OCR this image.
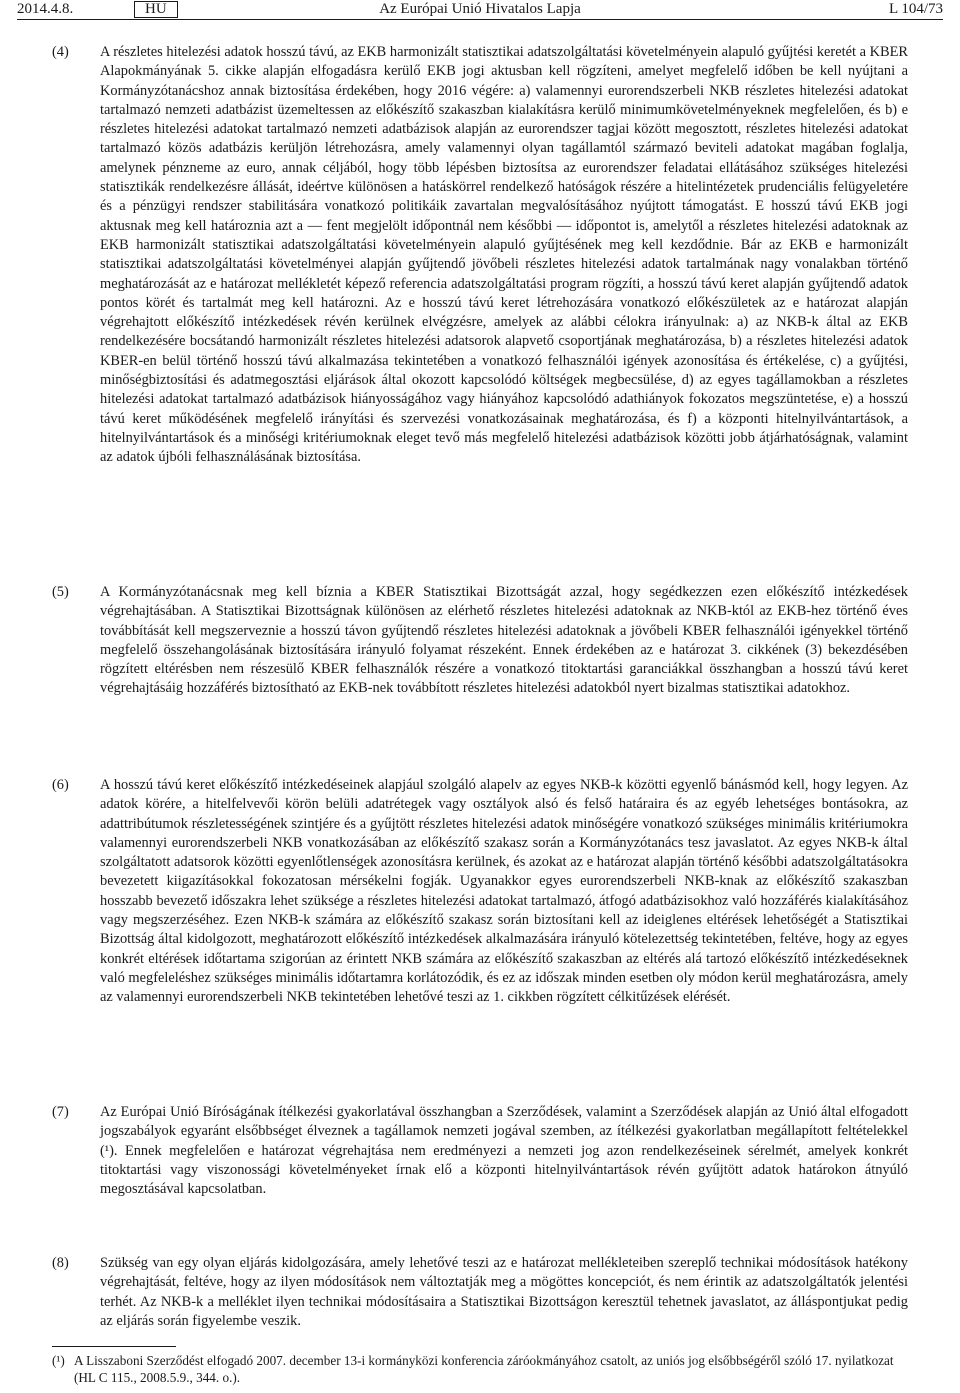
Az Európai Unió Hivatalos Lapja
2014.4.8.	HU	L 104/73
(4) A részletes hitelezési adatok hosszú távú, az EKB harmonizált statisztikai adatszolgáltatási követelményein alapuló gyűjtési keretét a KBER Alapokmányának 5. cikke alapján elfogadásra kerülő EKB jogi aktusban kell rögzíteni, amelyet megfelelő időben be kell nyújtani a Kormányzótanácshoz annak biztosítása érdekében, hogy 2016 végére: a) valamennyi eurorendszerbeli NKB részletes hitelezési adatokat tartalmazó nemzeti adatbázist üzemeltessen az előkészítő szakaszban kialakításra kerülő minimumkövetelményeknek megfelelően, és b) e részletes hitelezési adatokat tartalmazó nemzeti adatbázisok alapján az eurorendszer tagjai között megosztott, részletes hitelezési adatokat tartalmazó közös adatbázis kerüljön létrehozásra, amely valamennyi olyan tagállamtól származó beviteli adatokat magában foglalja, amelynek pénzneme az euro, annak céljából, hogy több lépésben biztosítsa az eurorendszer feladatai ellátásához szükséges hitelezési statisztikák rendelkezésre állását, ideértve különösen a hatáskörrel rendelkező hatóságok részére a hitelintézetek prudenciális felügyeletére és a pénzügyi rendszer stabilitására vonatkozó politikáik zavartalan megvalósításához nyújtott támogatást. E hosszú távú EKB jogi aktusnak meg kell határoznia azt a — fent megjelölt időpontnál nem későbbi — időpontot is, amelytől a részletes hitelezési adatoknak az EKB harmonizált statisztikai adatszolgáltatási követelményein alapuló gyűjtésének meg kell kezdődnie. Bár az EKB e harmonizált statisztikai adatszolgáltatási követelményei alapján gyűjtendő jövőbeli részletes hitelezési adatok tartalmának nagy vonalakban történő meghatározását az e határozat mellékletét képező referencia adatszolgáltatási program rögzíti, a hosszú távú keret alapján gyűjtendő adatok pontos körét és tartalmát meg kell határozni. Az e hosszú távú keret létrehozására vonatkozó előkészületek az e határozat alapján végrehajtott előkészítő intézkedések révén kerülnek elvégzésre, amelyek az alábbi célokra irányulnak: a) az NKB-k által az EKB rendelkezésére bocsátandó harmonizált részletes hitelezési adatsorok alapvető csoportjának meghatározása, b) a részletes hitelezési adatok KBER-en belül történő hosszú távú alkalmazása tekintetében a vonatkozó felhasználói igények azonosítása és értékelése, c) a gyűjtési, minőségbiztosítási és adatmegosztási eljárások által okozott kapcsolódó költségek megbecsülése, d) az egyes tagállamokban a részletes hitelezési adatokat tartalmazó adatbázisok hiányosságához vagy hiányához kapcsolódó adathiányok fokozatos megszüntetése, e) a hosszú távú keret működésének megfelelő irányítási és szervezési vonatkozásainak meghatározása, és f) a központi hitelnyilvántartások, a hitelnyilvántartások és a minőségi kritériumoknak eleget tevő más megfelelő hitelezési adatbázisok közötti jobb átjárhatóságnak, valamint az adatok újbóli felhasználásának biztosítása.
(5) A Kormányzótanácsnak meg kell bíznia a KBER Statisztikai Bizottságát azzal, hogy segédkezzen ezen előkészítő intézkedések végrehajtásában. A Statisztikai Bizottságnak különösen az elérhető részletes hitelezési adatoknak az NKB-któl az EKB-hez történő éves továbbítását kell megszerveznie a hosszú távon gyűjtendő részletes hitelezési adatoknak a jövőbeli KBER felhasználói igényekkel történő megfelelő összehangolásának biztosítására irányuló folyamat részeként. Ennek érdekében az e határozat 3. cikkének (3) bekezdésében rögzített eltérésben nem részesülő KBER felhasználók részére a vonatkozó titoktartási garanciákkal összhangban a hosszú távú keret végrehajtásáig hozzáférés biztosítható az EKB-nek továbbított részletes hitelezési adatokból nyert bizalmas statisztikai adatokhoz.
(6) A hosszú távú keret előkészítő intézkedéseinek alapjául szolgáló alapelv az egyes NKB-k közötti egyenlő bánásmód kell, hogy legyen. Az adatok körére, a hitelfelvevői körön belüli adatrétegek vagy osztályok alsó és felső határaira és az egyéb lehetséges bontásokra, az adattribútumok részletességének szintjére és a gyűjtött részletes hitelezési adatok minőségére vonatkozó szükséges minimális kritériumokra valamennyi eurorendszerbeli NKB vonatkozásában az előkészítő szakasz során a Kormányzótanács tesz javaslatot. Az egyes NKB-k által szolgáltatott adatsorok közötti egyenlőtlenségek azonosításra kerülnek, és azokat az e határozat alapján történő későbbi adatszolgáltatásokra bevezetett kiigazításokkal fokozatosan mérsékelni fogják. Ugyanakkor egyes eurorendszerbeli NKB-knak az előkészítő szakaszban hosszabb bevezető időszakra lehet szüksége a részletes hitelezési adatokat tartalmazó, átfogó adatbázisokhoz való hozzáférés kialakításához vagy megszerzéséhez. Ezen NKB-k számára az előkészítő szakasz során biztosítani kell az ideiglenes eltérések lehetőségét a Statisztikai Bizottság által kidolgozott, meghatározott előkészítő intézkedések alkalmazására irányuló kötelezettség tekintetében, feltéve, hogy az egyes konkrét eltérések időtartama szigorúan az érintett NKB számára az előkészítő szakaszban az eltérés alá tartozó előkészítő intézkedéseknek való megfeleléshez szükséges minimális időtartamra korlátozódik, és ez az időszak minden esetben oly módon kerül meghatározásra, amely az valamennyi eurorendszerbeli NKB tekintetében lehetővé teszi az 1. cikkben rögzített célkitűzések elérését.
(7) Az Európai Unió Bíróságának ítélkezési gyakorlatával összhangban a Szerződések, valamint a Szerződések alapján az Unió által elfogadott jogszabályok egyaránt elsőbbséget élveznek a tagállamok nemzeti jogával szemben, az ítélkezési gyakorlatban megállapított feltételekkel (¹). Ennek megfelelően e határozat végrehajtása nem eredményezi a nemzeti jog azon rendelkezéseinek sérelmét, amelyek konkrét titoktartási vagy viszonossági követelményeket írnak elő a központi hitelnyilvántartások révén gyűjtött adatok határokon átnyúló megosztásával kapcsolatban.
(8) Szükség van egy olyan eljárás kidolgozására, amely lehetővé teszi az e határozat mellékleteiben szereplő technikai módosítások hatékony végrehajtását, feltéve, hogy az ilyen módosítások nem változtatják meg a mögöttes koncepciót, és nem érintik az adatszolgáltatók jelentési terhét. Az NKB-k a melléklet ilyen technikai módosításaira a Statisztikai Bizottságon keresztül tehetnek javaslatot, az álláspontjukat pedig az eljárás során figyelembe veszik.
(¹) A Lisszaboni Szerződést elfogadó 2007. december 13-i kormányközi konferencia záróokmányához csatolt, az uniós jog elsőbbségéről szóló 17. nyilatkozat (HL C 115., 2008.5.9., 344. o.).
